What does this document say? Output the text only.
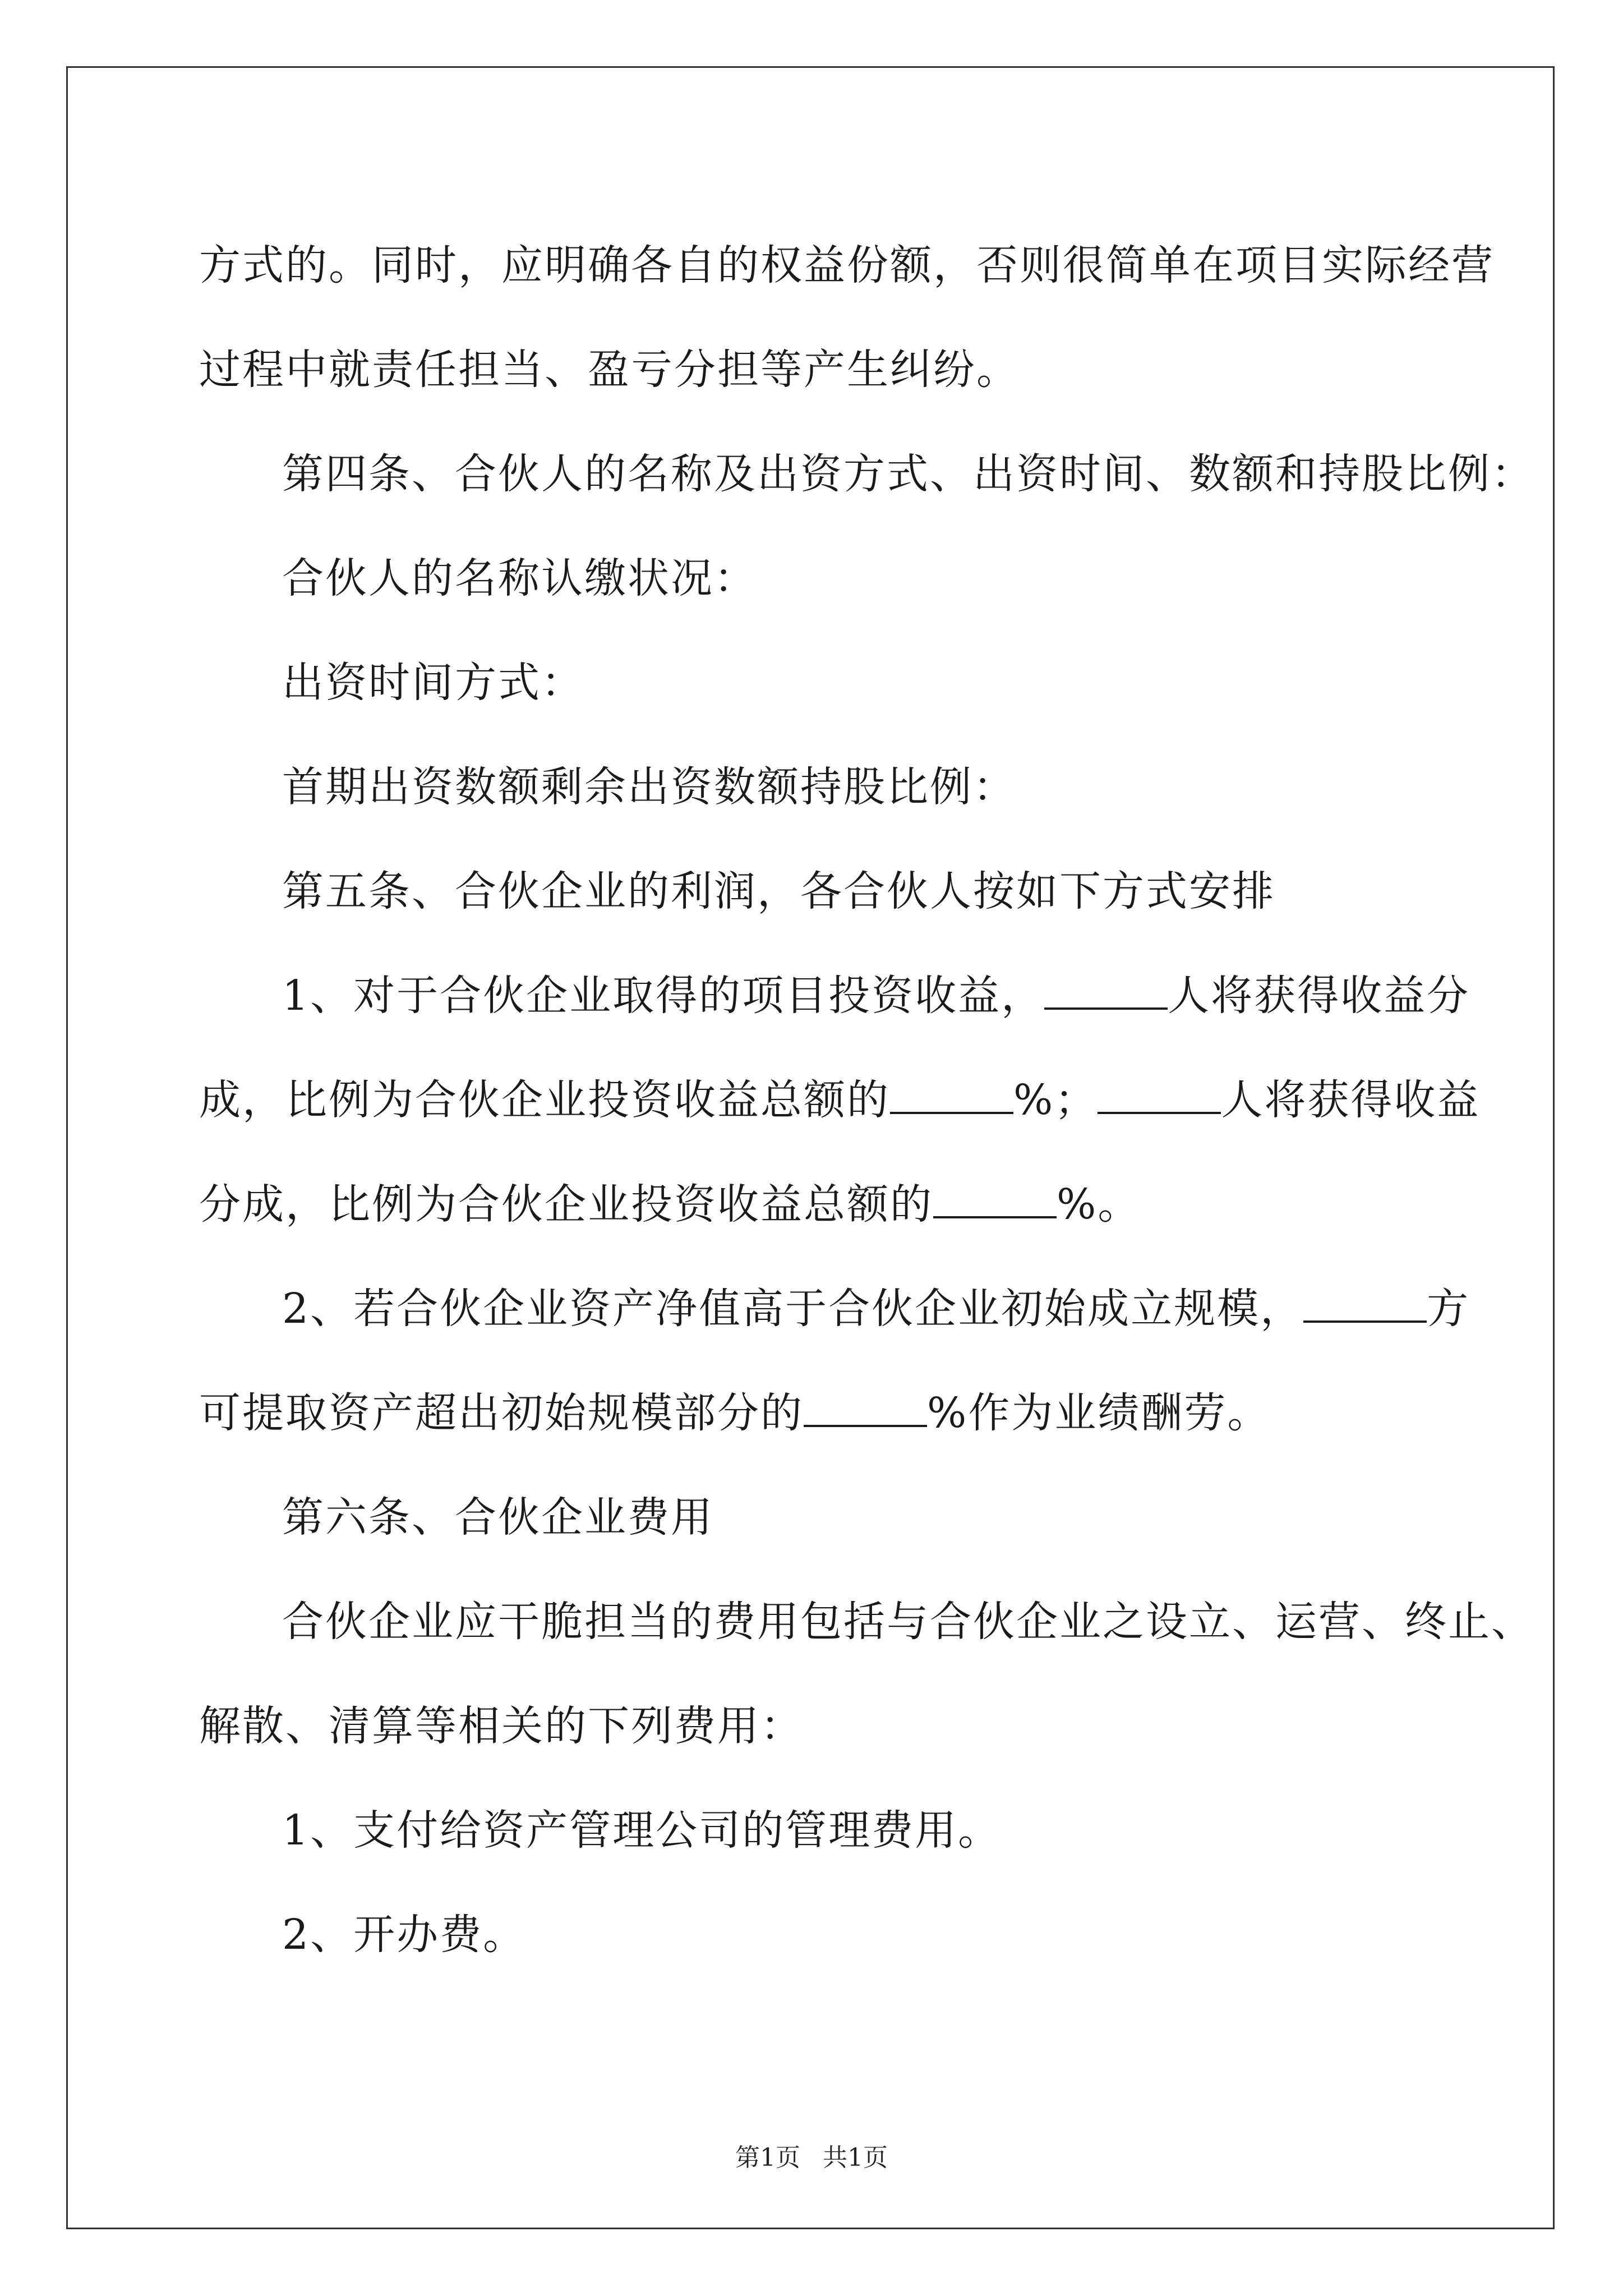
方式的。同时，应明确各自的权益份额，否则很简单在项目实际经营

过程中就责任担当、盈亏分担等产生纠纷。

第四条、合伙人的名称及出资方式、出资时间、数额和持股比例：

合伙人的名称认缴状况：

出资时间方式：

首期出资数额剩余出资数额持股比例：

第五条、合伙企业的利润，各合伙人按如下方式安排

1、对于合伙企业取得的项目投资收益，	人将获得收益分

成，比例为合伙企业投资收益总额的	%；	人将获得收益

分成，比例为合伙企业投资收益总额的	%。

2、若合伙企业资产净值高于合伙企业初始成立规模，	方

可提取资产超出初始规模部分的	%作为业绩酬劳。

第六条、合伙企业费用

合伙企业应干脆担当的费用包括与合伙企业之设立、运营、终止、

解散、清算等相关的下列费用：

1、支付给资产管理公司的管理费用。

2、开办费。

第1页 共1页
